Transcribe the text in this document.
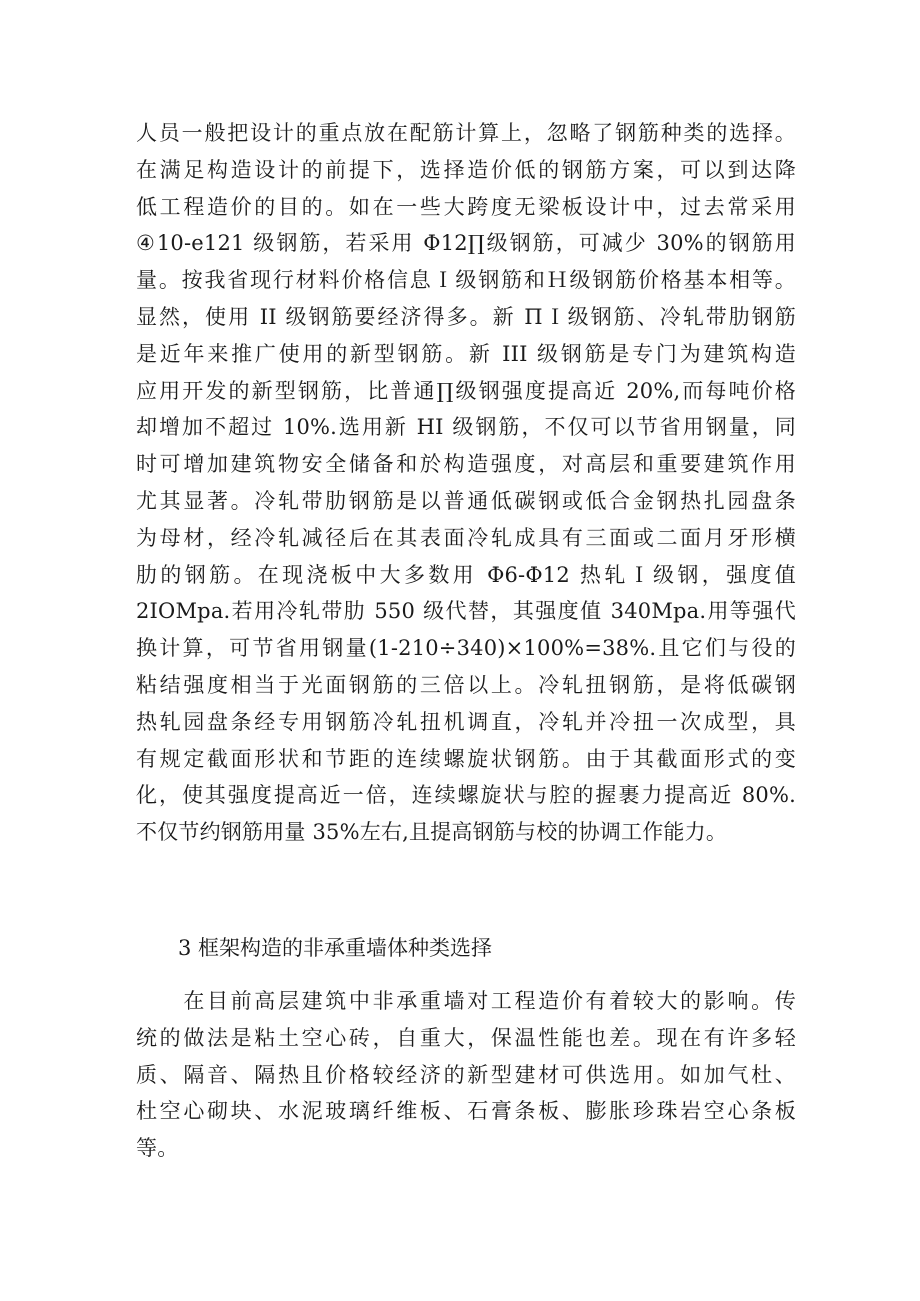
人员一般把设计的重点放在配筋计算上，忽略了钢筋种类的选择。
在满足构造设计的前提下，选择造价低的钢筋方案，可以到达降
低工程造价的目的。如在一些大跨度无梁板设计中，过去常采用
④10-e121 级钢筋，若采用 Φ12∏级钢筋，可减少 30%的钢筋用
量。按我省现行材料价格信息Ｉ级钢筋和Ｈ级钢筋价格基本相等。
显然，使用 II 级钢筋要经济得多。新 ΠＩ级钢筋、冷轧带肋钢筋
是近年来推广使用的新型钢筋。新 III 级钢筋是专门为建筑构造
应用开发的新型钢筋，比普通∏级钢强度提高近 20%,而每吨价格
却增加不超过 10%.选用新 HI 级钢筋，不仅可以节省用钢量，同
时可增加建筑物安全储备和於构造强度，对高层和重要建筑作用
尤其显著。冷轧带肋钢筋是以普通低碳钢或低合金钢热扎园盘条
为母材，经冷轧减径后在其表面冷轧成具有三面或二面月牙形横
肋的钢筋。在现浇板中大多数用 Φ6-Φ12 热轧Ｉ级钢，强度值
2IOMpa.若用冷轧带肋 550 级代替，其强度值 340Mpa.用等强代
换计算，可节省用钢量(1-210÷340)×100%=38%.且它们与役的
粘结强度相当于光面钢筋的三倍以上。冷轧扭钢筋，是将低碳钢
热轧园盘条经专用钢筋冷轧扭机调直，冷轧并冷扭一次成型，具
有规定截面形状和节距的连续螺旋状钢筋。由于其截面形式的变
化，使其强度提高近一倍，连续螺旋状与腔的握裹力提高近 80%.
不仅节约钢筋用量 35%左右,且提高钢筋与校的协调工作能力。
3 框架构造的非承重墙体种类选择
　　在目前高层建筑中非承重墙对工程造价有着较大的影响。传
统的做法是粘土空心砖，自重大，保温性能也差。现在有许多轻
质、隔音、隔热且价格较经济的新型建材可供选用。如加气杜、
杜空心砌块、水泥玻璃纤维板、石膏条板、膨胀珍珠岩空心条板
等。
